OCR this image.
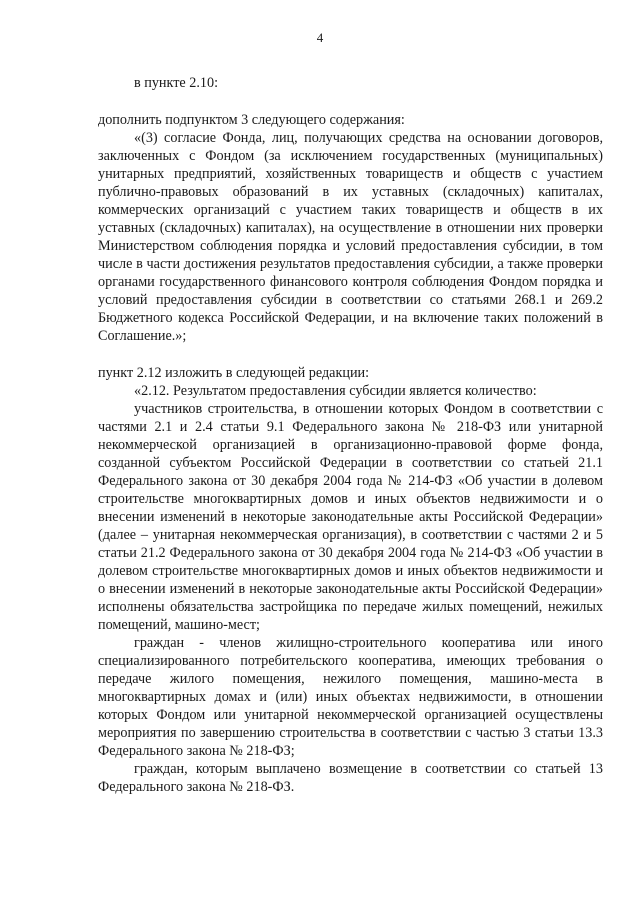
4

в пункте 2.10:

дополнить подпунктом 3 следующего содержания:

«(3) согласие Фонда, лиц, получающих средства на основании договоров, заключенных с Фондом (за исключением государственных (муниципальных) унитарных предприятий, хозяйственных товариществ и обществ с участием публично-правовых образований в их уставных (складочных) капиталах, коммерческих организаций с участием таких товариществ и обществ в их уставных (складочных) капиталах), на осуществление в отношении них проверки Министерством соблюдения порядка и условий предоставления субсидии, в том числе в части достижения результатов предоставления субсидии, а также проверки органами государственного финансового контроля соблюдения Фондом порядка и условий предоставления субсидии в соответствии со статьями 268.1 и 269.2 Бюджетного кодекса Российской Федерации, и на включение таких положений в Соглашение.»;

пункт 2.12 изложить в следующей редакции:

«2.12. Результатом предоставления субсидии является количество:

участников строительства, в отношении которых Фондом в соответствии с частями 2.1 и 2.4 статьи 9.1 Федерального закона № 218-ФЗ или унитарной некоммерческой организацией в организационно-правовой форме фонда, созданной субъектом Российской Федерации в соответствии со статьей 21.1 Федерального закона от 30 декабря 2004 года № 214-ФЗ «Об участии в долевом строительстве многоквартирных домов и иных объектов недвижимости и о внесении изменений в некоторые законодательные акты Российской Федерации» (далее – унитарная некоммерческая организация), в соответствии с частями 2 и 5 статьи 21.2 Федерального закона от 30 декабря 2004 года № 214-ФЗ «Об участии в долевом строительстве многоквартирных домов и иных объектов недвижимости и о внесении изменений в некоторые законодательные акты Российской Федерации» исполнены обязательства застройщика по передаче жилых помещений, нежилых помещений, машино-мест;

граждан - членов жилищно-строительного кооператива или иного специализированного потребительского кооператива, имеющих требования о передаче жилого помещения, нежилого помещения, машино-места в многоквартирных домах и (или) иных объектах недвижимости, в отношении которых Фондом или унитарной некоммерческой организацией осуществлены мероприятия по завершению строительства в соответствии с частью 3 статьи 13.3 Федерального закона № 218-ФЗ;

граждан, которым выплачено возмещение в соответствии со статьей 13 Федерального закона № 218-ФЗ.
